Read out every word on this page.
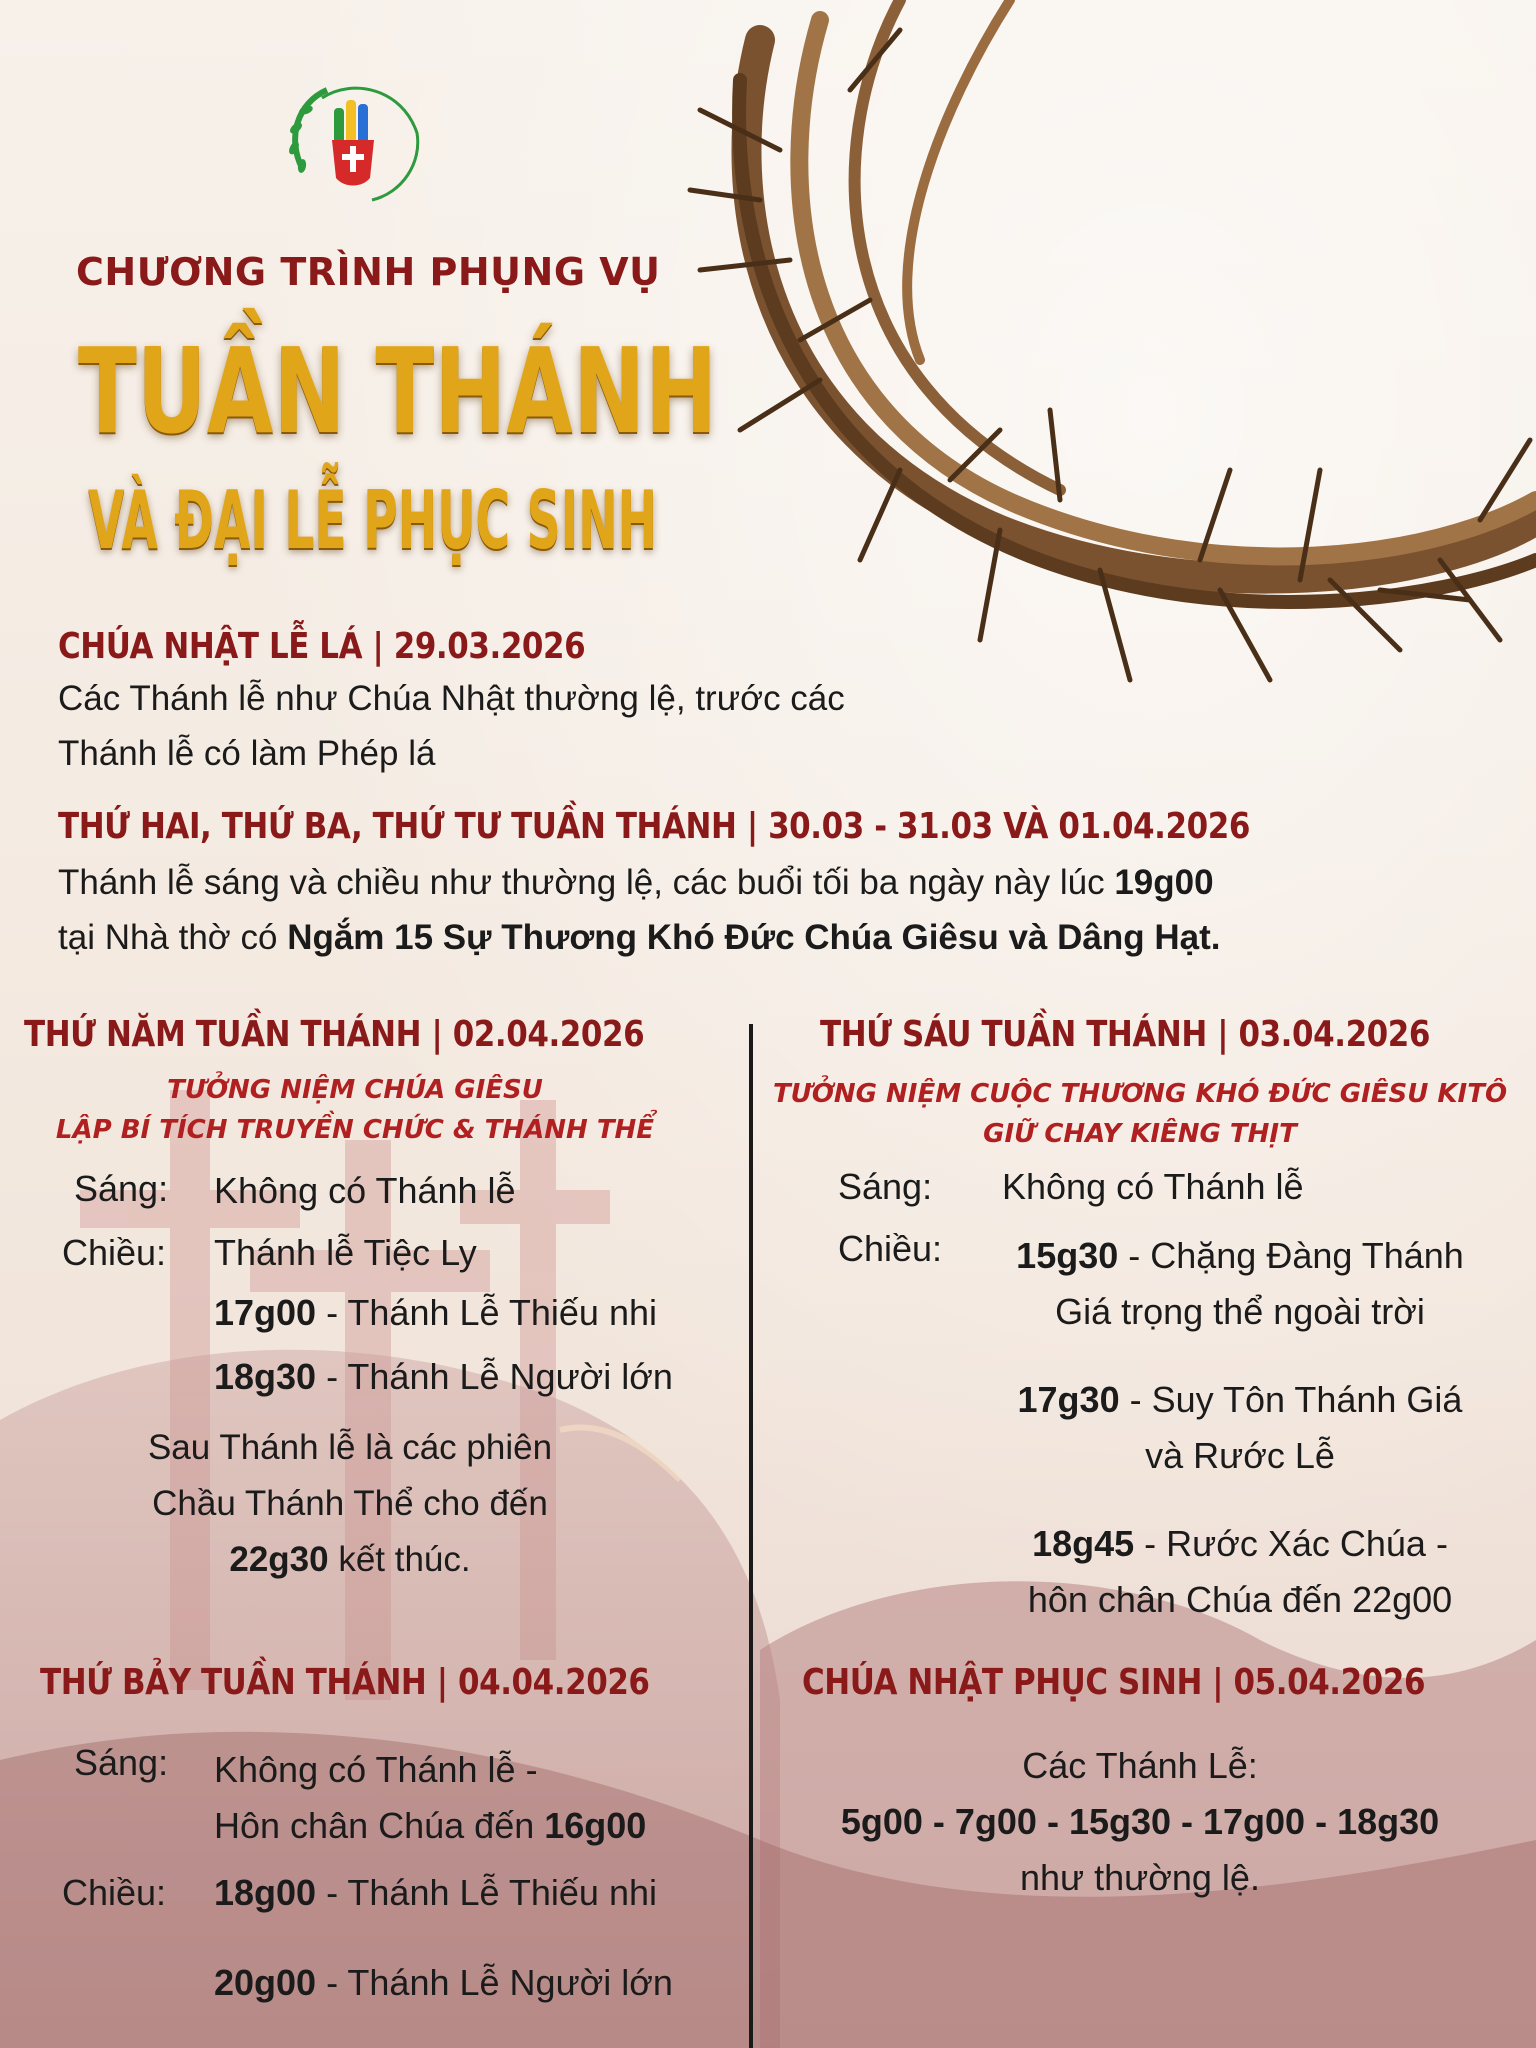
CHƯƠNG TRÌNH PHỤNG VỤ
TUẦN THÁNH
VÀ ĐẠI LỄ PHỤC SINH
CHÚA NHẬT LỄ LÁ | 29.03.2026
Các Thánh lễ như Chúa Nhật thường lệ, trước các
Thánh lễ có làm Phép lá
THỨ HAI, THỨ BA, THỨ TƯ TUẦN THÁNH | 30.03 - 31.03 VÀ 01.04.2026
Thánh lễ sáng và chiều như thường lệ, các buổi tối ba ngày này lúc 19g00
tại Nhà thờ có Ngắm 15 Sự Thương Khó Đức Chúa Giêsu và Dâng Hạt.
THỨ NĂM TUẦN THÁNH | 02.04.2026
TƯỞNG NIỆM CHÚA GIÊSU
LẬP BÍ TÍCH TRUYỀN CHỨC & THÁNH THỂ
Sáng: Không có Thánh lễ
Chiều: Thánh lễ Tiệc Ly
17g00 - Thánh Lễ Thiếu nhi
18g30 - Thánh Lễ Người lớn
Sau Thánh lễ là các phiên
Chầu Thánh Thể cho đến
22g30 kết thúc.
THỨ SÁU TUẦN THÁNH | 03.04.2026
TƯỞNG NIỆM CUỘC THƯƠNG KHÓ ĐỨC GIÊSU KITÔ
GIỮ CHAY KIÊNG THỊT
Sáng: Không có Thánh lễ
Chiều:	15g30 - Chặng Đàng Thánh
Giá trọng thể ngoài trời
17g30 - Suy Tôn Thánh Giá
và Rước Lễ
18g45 - Rước Xác Chúa -
hôn chân Chúa đến 22g00
THỨ BẢY TUẦN THÁNH | 04.04.2026
Sáng: Không có Thánh lễ -
Hôn chân Chúa đến 16g00
Chiều: 18g00 - Thánh Lễ Thiếu nhi
20g00 - Thánh Lễ Người lớn
CHÚA NHẬT PHỤC SINH | 05.04.2026
Các Thánh Lễ:
5g00 - 7g00 - 15g30 - 17g00 - 18g30
như thường lệ.
